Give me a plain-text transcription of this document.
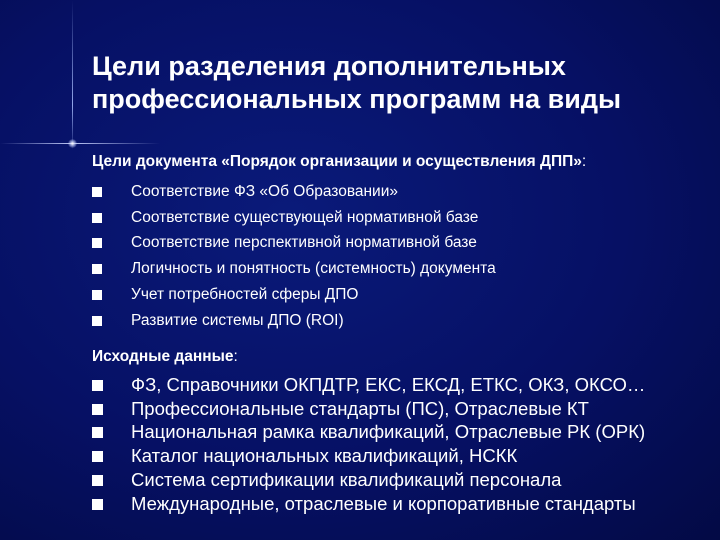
Цели разделения дополнительных профессиональных программ на виды
Цели документа «Порядок организации и осуществления ДПП»:
Соответствие ФЗ «Об Образовании»
Соответствие существующей нормативной базе
Соответствие перспективной нормативной базе
Логичность и понятность (системность) документа
Учет потребностей сферы ДПО
Развитие системы ДПО (ROI)
Исходные данные:
ФЗ, Справочники ОКПДТР, ЕКС, ЕКСД, ЕТКС, ОКЗ, ОКСО…
Профессиональные стандарты (ПС), Отраслевые КТ
Национальная рамка квалификаций, Отраслевые РК (ОРК)
Каталог национальных квалификаций, НСКК
Система сертификации квалификаций персонала
Международные, отраслевые и корпоративные стандарты
